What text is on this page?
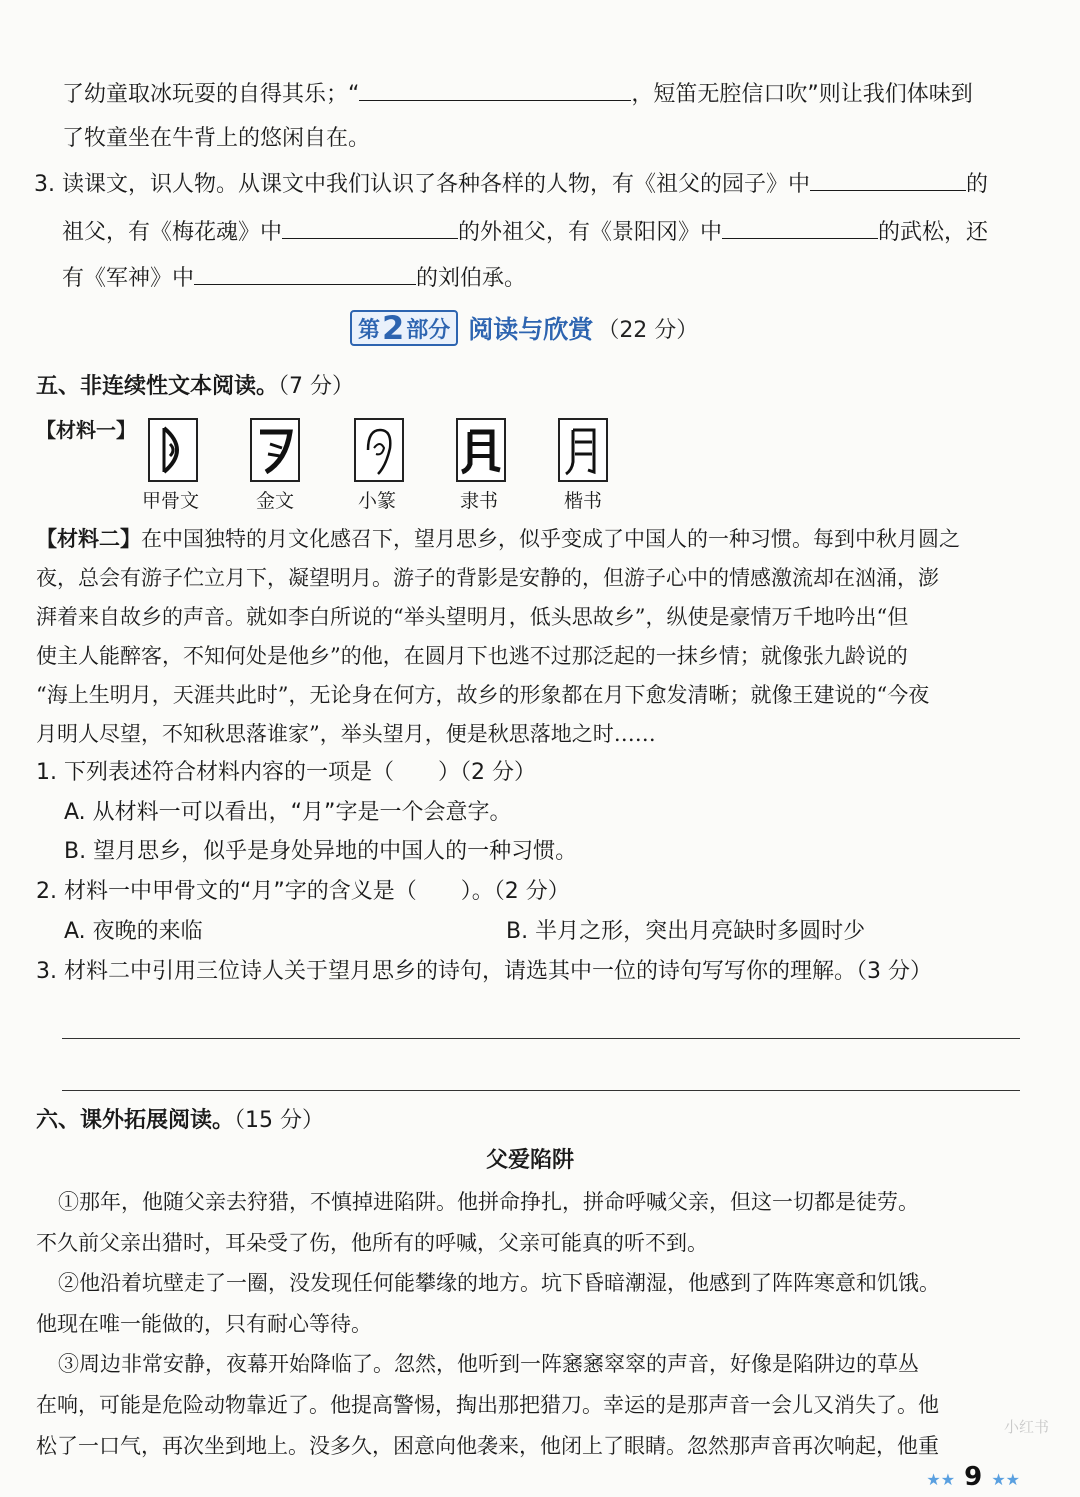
了幼童取冰玩耍的自得其乐；“	，短笛无腔信口吹”则让我们体味到
了牧童坐在牛背上的悠闲自在。
3. 读课文，识人物。从课文中我们认识了各种各样的人物，有《祖父的园子》中	的
祖父，有《梅花魂》中	的外祖父，有《景阳冈》中	的武松，还
有《军神》中	的刘伯承。
第 2 部分 阅读与欣赏 （22 分）
五、非连续性文本阅读。（7 分）
【材料一】
甲骨文	金文	小篆	隶书	楷书
【材料二】在中国独特的月文化感召下，望月思乡，似乎变成了中国人的一种习惯。每到中秋月圆之
夜，总会有游子伫立月下，凝望明月。游子的背影是安静的，但游子心中的情感激流却在汹涌，澎
湃着来自故乡的声音。就如李白所说的“举头望明月，低头思故乡”，纵使是豪情万千地吟出“但
使主人能醉客，不知何处是他乡”的他，在圆月下也逃不过那泛起的一抹乡情；就像张九龄说的
“海上生明月，天涯共此时”，无论身在何方，故乡的形象都在月下愈发清晰；就像王建说的“今夜
月明人尽望，不知秋思落谁家”，举头望月，便是秋思落地之时……
1. 下列表述符合材料内容的一项是（　　）（2 分）
A. 从材料一可以看出，“月”字是一个会意字。
B. 望月思乡，似乎是身处异地的中国人的一种习惯。
2. 材料一中甲骨文的“月”字的含义是（　　）。（2 分）
A. 夜晚的来临	B. 半月之形，突出月亮缺时多圆时少
3. 材料二中引用三位诗人关于望月思乡的诗句，请选其中一位的诗句写写你的理解。（3 分）
六、课外拓展阅读。（15 分）
父爱陷阱
①那年，他随父亲去狩猎，不慎掉进陷阱。他拼命挣扎，拼命呼喊父亲，但这一切都是徒劳。
不久前父亲出猎时，耳朵受了伤，他所有的呼喊，父亲可能真的听不到。
②他沿着坑壁走了一圈，没发现任何能攀缘的地方。坑下昏暗潮湿，他感到了阵阵寒意和饥饿。
他现在唯一能做的，只有耐心等待。
③周边非常安静，夜幕开始降临了。忽然，他听到一阵窸窸窣窣的声音，好像是陷阱边的草丛
在响，可能是危险动物靠近了。他提高警惕，掏出那把猎刀。幸运的是那声音一会儿又消失了。他
松了一口气，再次坐到地上。没多久，困意向他袭来，他闭上了眼睛。忽然那声音再次响起，他重
小红书
★★ 9 ★★
